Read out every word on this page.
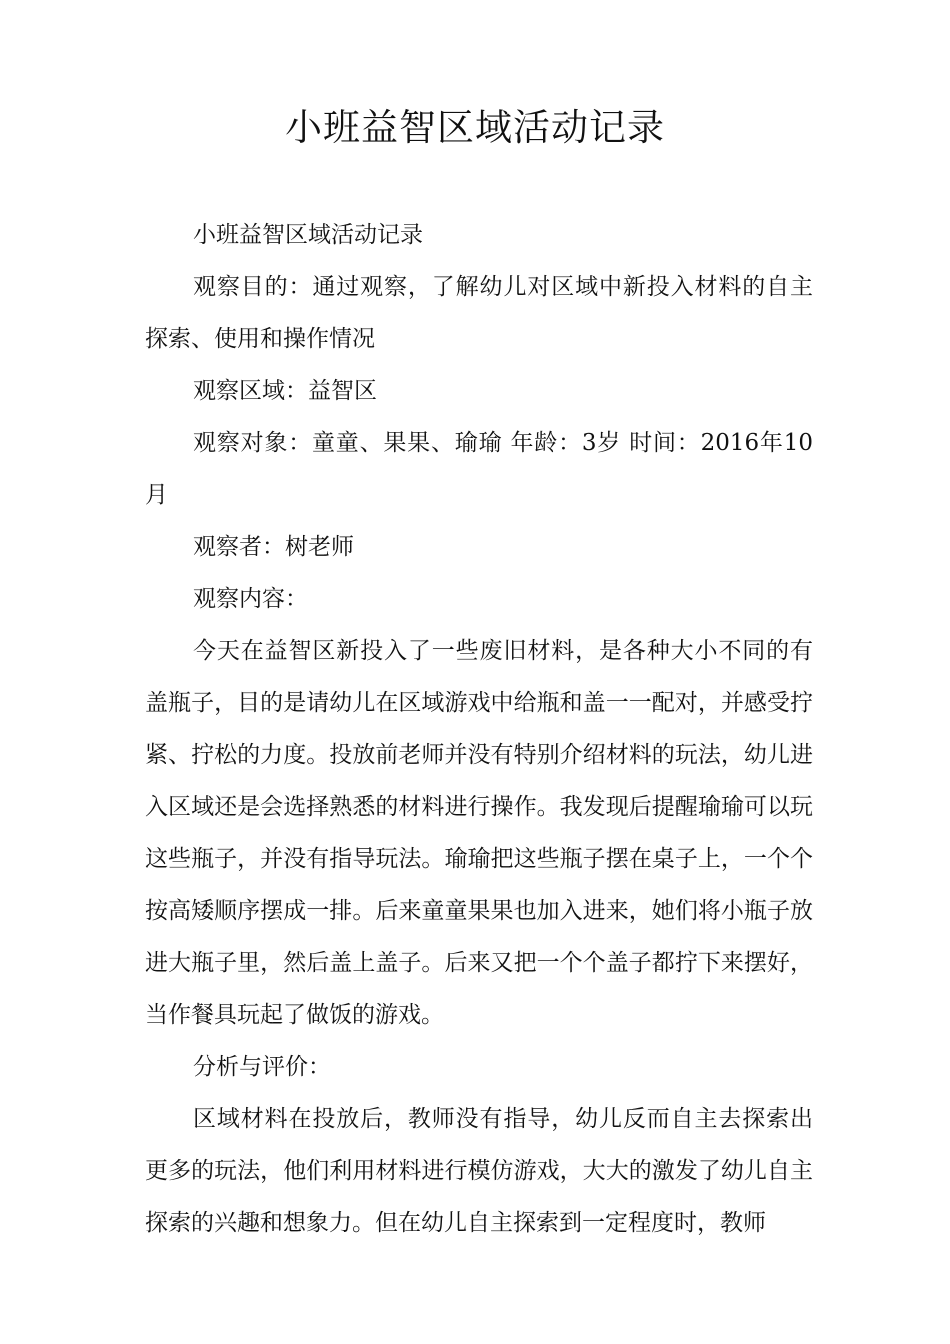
小班益智区域活动记录

小班益智区域活动记录

观察目的：通过观察，了解幼儿对区域中新投入材料的自主探索、使用和操作情况

观察区域：益智区

观察对象：童童、果果、瑜瑜 年龄：3岁 时间：2016年10月

观察者：树老师

观察内容：

今天在益智区新投入了一些废旧材料，是各种大小不同的有盖瓶子，目的是请幼儿在区域游戏中给瓶和盖一一配对，并感受拧紧、拧松的力度。投放前老师并没有特别介绍材料的玩法，幼儿进入区域还是会选择熟悉的材料进行操作。我发现后提醒瑜瑜可以玩这些瓶子，并没有指导玩法。瑜瑜把这些瓶子摆在桌子上，一个个按高矮顺序摆成一排。后来童童果果也加入进来，她们将小瓶子放进大瓶子里，然后盖上盖子。后来又把一个个盖子都拧下来摆好，当作餐具玩起了做饭的游戏。

分析与评价：

区域材料在投放后，教师没有指导，幼儿反而自主去探索出更多的玩法，他们利用材料进行模仿游戏，大大的激发了幼儿自主探索的兴趣和想象力。但在幼儿自主探索到一定程度时，教师
